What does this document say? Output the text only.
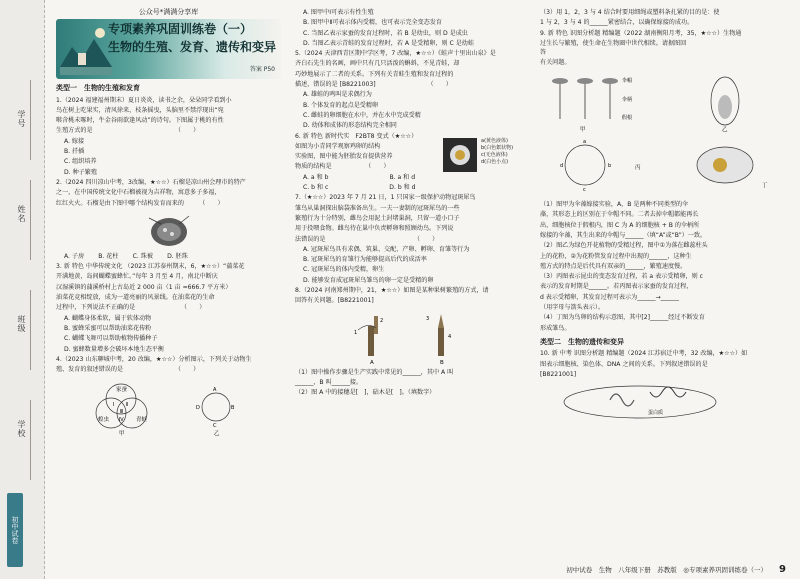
学号
姓名
班级
学校
初中试卷
公众号*满满分享库
专项素养巩固训练卷（一）
生物的生殖、发育、遗传和变异
答案 P50
类型一　生物的生殖和发育

1.（2024 福建福州期末）夏日炎炎，读书之余，朵朵同学看到小

鸟在树上吃果实，清风徐来，枝条摇曳，头脑里不禁浮现出“宛

啭含桃未啄时，牛金谷雨欲逢风动”的诗句。下图属于桃的有性

生殖方式的是　　　　　　　　　　　　　　（　　）

A. 嫁接

B. 扦插

C. 组织培养

D. 种子繁殖

2.（2024 四川凉山中考，3改编，★☆☆）石榴是凉山州会理市的特产

之一，在中国传统文化中石榴被视为吉祥物，寓意多子多福，

红红火火。石榴是由下图中哪个结构发育而来的　　　（　　）

A. 子房　　 B. 花柱　　 C. 珠被　　 D. 胚珠

3. 新 特色 中华传统文化 （2023 江苏泰州期末，6，★☆☆）“蒲菜花

开满地黄，岛间蝴蝶蜜蜂忙。”每年 3 月至 4 月，南北中断庆

汉湿溪镇的蒲溪桥村上古岛近 2 000 亩（1 亩 ≈666.7 平方米）

油菜花竞相绽放，成为一道亮丽的风景线。在油菜花的生命

过程中，下列说法不正确的是　　　　　　　　（　　）

A. 蝴蝶身体柔软，属于软体动物

B. 蜜蜂采蜜可以帮助油菜花传粉

C. 蝴蝶飞舞可以帮助植物传播种子

D. 蜜蜂数量增多会破坏本地生态平衡

4.（2023 山东聊城中考，20 改编，★☆☆）分析图示，下列关于动物生

殖、发育的叙述错误的是　　　　　　　　　（　　）

家蚕
蝗虫	青蛙
Ⅰ Ⅱ
Ⅲ
Ⅳ
甲
A
B
C
D
乙

A. 图甲中Ⅰ可表示有性生殖

B. 图甲中Ⅱ可表示体内受精，也可表示完全变态发育

C. 当图乙表示家蚕的发育过程时，若 B 是幼虫，则 D 是成虫

D. 当图乙表示青蛙的发育过程时，若 A 是受精卵，则 C 是幼蛙

5.（2024 天津西青区期中学区考，7 改编，★☆☆）《蛙声十里出山泉》是

齐白石先生的名画，画中只有几只活泼的蝌蚪，不见青蛙，却

巧妙地展示了二者的关系。下列有关青蛙生殖和发育过程的

描述，错误的是 [B8221003]　　　　　　　　　（　　）

A. 雄蛙的鸣叫是求偶行为

B. 个体发育的起点是受精卵

C. 雌蛙的卵细胞在水中，并在水中完成受精

D. 幼体和成体的形态结构完全相同

6. 新 特色 新时代实　F2BT8 变式（★☆☆）

如图为小青同学观察鸡卵的结构

实验图，图中能为胚胎发育提供营养

物质的结构是　　　　　　（　　）

a(黄色液体)
b(白色絮状物)
c(无色液体)
d(白色小点)

A. a 和 b　　　　　　　　　　	B. a 和 d

C. b 和 c　　　　　　　　　　	D. b 和 d

7.（★☆☆）2023 年 7 月 21 日，1 只国家一级保护动物冠斑犀鸟

雏鸟从巢洞探出脑袋准备出生。一夫一妻制的冠斑犀鸟的一些

繁殖行为十分特别，雌鸟会用泥土封堵巢洞，只留一道小口子

用于投喂食物。雌鸟待在巢中负责孵卵和照顾幼鸟。下列说

法错误的是　　　　　　　　　　　　　　　（　　）

A. 冠斑犀鸟具有求偶、筑巢、交配、产卵、孵卵、育雏等行为

B. 冠斑犀鸟的育雏行为能够提高后代的成活率

C. 冠斑犀鸟的体内受精，卵生

D. 能够发育成冠斑犀鸟雏鸟的卵一定是受精的卵

8.（2024 河南郑州期中，21，★☆☆）如图是某种果树繁殖的方式，请

回答有关问题。[B8221001]

A	B
1
2	3
4

（1）图中操作步骤是生产实践中常见的______，其中 A 叫

______，B 叫______接。

（2）图 A 中的接穗是[　]，砧木是[　]。（填数字）

（3）用 1，2，3 与 4 结合时要用细绳或塑料条扎紧的目的是：使

1 与 2，3 与 4 的______紧密结合，以确保嫁接的成功。

9. 新 特色 识图分析题 精编题（2022 湖南衡阳月考，35，★☆☆）生物通

过生长与繁殖，使生命在生物圈中世代相续。请据图回答

有关问题。

伞帽
伞柄
假根
甲	乙
a
b
c
d	丙
丁

（1）图甲为伞藻嫁接实验，A，B 是两种不同类型的伞

藻，其形态上的区别在于伞帽不同。二者去掉伞帽都能再长

出，细胞核位于假根内，图 C 为 A 的细胞核 + B 的伞柄所

嫁接的伞藻，其生出来的伞帽与______（填“A”或“B”）一致。

（2）图乙为绿色开花植物的受精过程，图中①为落在雌蕊柱头

上的花粉，②为花粉管发育过程中出现的______，这种生

殖方式的特点是后代具有双亲的______，繁殖速度慢。

（3）丙图表示昆虫的变态发育过程，若 a 表示受精卵，则 c

表示的发育时期是______。若丙图表示家蚕的发育过程，

d 表示受精卵，其发育过程可表示为______→______

（用字母与箭头表示）。

（4）丁图为鸟卵的结构示意图，其中[2]______经过不断发育

形成雏鸟。

类型二　生物的遗传和变异

10. 新 中考 识图分析题 精编题（2024 江苏宿迁中考，32 改编，★☆☆）如

图表示细胞核、染色体、DNA 之间的关系。下列叙述错误的是

[B8221001]

蛋白质
初中试卷　生物　八年级下册　苏教版　◎专项素养巩固训练卷（一） 9
